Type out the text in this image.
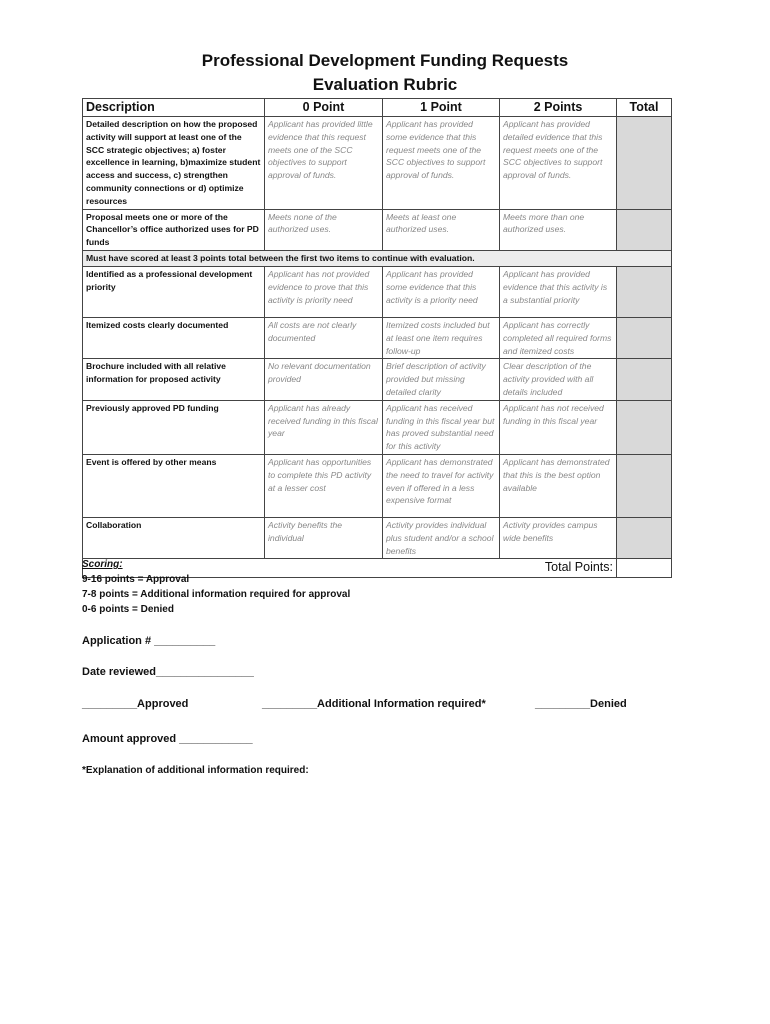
Professional Development Funding Requests
Evaluation Rubric
Description	0 Point	1 Point	2 Points	Total
Detailed description on how the proposed activity will support at least one of the SCC strategic objectives; a) foster excellence in learning, b)maximize student access and success, c) strengthen community connections or d) optimize resources	Applicant has provided little evidence that this request meets one of the SCC objectives to support approval of funds.	Applicant has provided some evidence that this request meets one of the SCC objectives to support approval of funds.	Applicant has provided detailed evidence that this request meets one of the SCC objectives to support approval of funds.	
Proposal meets one or more of the Chancellor’s office authorized uses for PD funds	Meets none of the authorized uses.	Meets at least one authorized uses.	Meets more than one authorized uses.	
Must have scored at least 3 points total between the first two items to continue with evaluation.				
Identified as a professional development priority	Applicant has not provided evidence to prove that this activity is priority need	Applicant has provided some evidence that this activity is a priority need	Applicant has provided evidence that this activity is a substantial priority	
Itemized costs clearly documented	All costs are not clearly documented	Itemized costs included but at least one item requires follow-up	Applicant has correctly completed all required forms and itemized costs	
Brochure included with all relative information for proposed activity	No relevant documentation provided	Brief description of activity provided but missing detailed clarity	Clear description of the activity provided with all details included	
Previously approved PD funding	Applicant has already received funding in this fiscal year	Applicant has received funding in this fiscal year but has proved substantial need for this activity	Applicant has not received funding in this fiscal year	
Event is offered by other means	Applicant has opportunities to complete this PD activity at a lesser cost	Applicant has demonstrated the need to travel for activity even if offered in a less expensive format	Applicant has demonstrated that this is the best option available	
Collaboration	Activity benefits the individual	Activity provides individual plus student and/or a school benefits	Activity provides campus wide benefits	
Total Points:				
Scoring:
9-16 points = Approval
7-8 points = Additional information required for approval
0-6 points = Denied
Application # __________
Date reviewed________________
_________Approved	_________Additional Information required*	_________Denied
Amount approved ____________
*Explanation of additional information required:
